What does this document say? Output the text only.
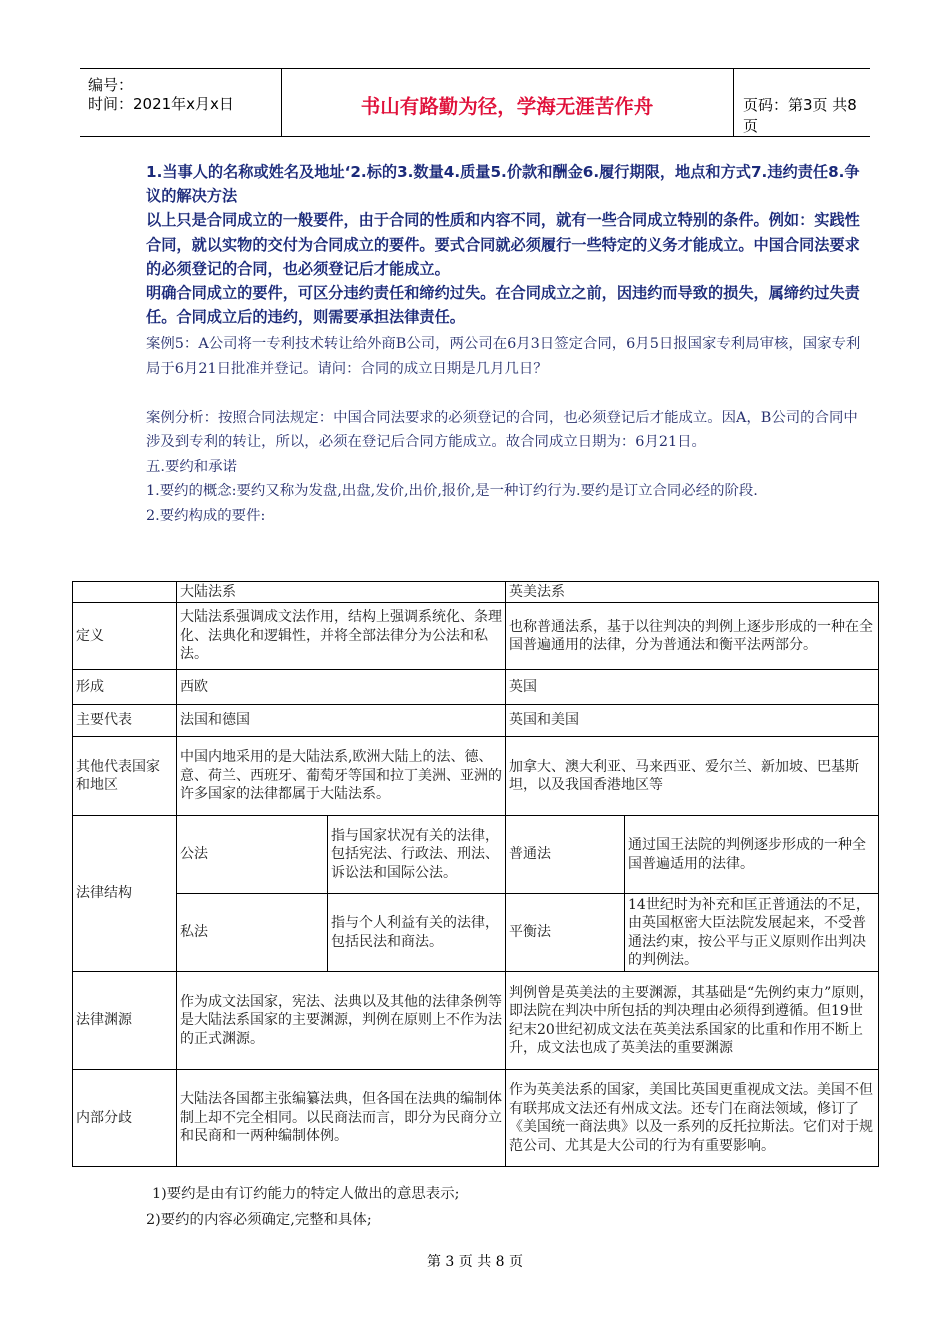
编号：
时间：2021年x月x日	书山有路勤为径，学海无涯苦作舟	页码：第3页 共8页

1.当事人的名称或姓名及地址‘2.标的3.数量4.质量5.价款和酬金6.履行期限，地点和方式7.违约责任8.争议的解决方法

以上只是合同成立的一般要件，由于合同的性质和内容不同，就有一些合同成立特别的条件。例如：实践性合同，就以实物的交付为合同成立的要件。要式合同就必须履行一些特定的义务才能成立。中国合同法要求的必须登记的合同，也必须登记后才能成立。

明确合同成立的要件，可区分违约责任和缔约过失。在合同成立之前，因违约而导致的损失，属缔约过失责任。合同成立后的违约，则需要承担法律责任。

案例5：A公司将一专利技术转让给外商B公司，两公司在6月3日签定合同，6月5日报国家专利局审核，国家专利局于6月21日批准并登记。请问：合同的成立日期是几月几日？

案例分析：按照合同法规定：中国合同法要求的必须登记的合同，也必须登记后才能成立。因A，B公司的合同中涉及到专利的转让，所以，必须在登记后合同方能成立。故合同成立日期为：6月21日。

五.要约和承诺

1.要约的概念:要约又称为发盘,出盘,发价,出价,报价,是一种订约行为.要约是订立合同必经的阶段.

2.要约构成的要件:

	大陆法系		英美法系	
定义	大陆法系强调成文法作用，结构上强调系统化、条理化、法典化和逻辑性，并将全部法律分为公法和私法。		也称普通法系，基于以往判决的判例上逐步形成的一种在全国普遍通用的法律，分为普通法和衡平法两部分。	
形成	西欧		英国	
主要代表	法国和德国		英国和美国	
其他代表国家和地区	中国内地采用的是大陆法系,欧洲大陆上的法、德、意、荷兰、西班牙、葡萄牙等国和拉丁美洲、亚洲的许多国家的法律都属于大陆法系。		加拿大、澳大利亚、马来西亚、爱尔兰、新加坡、巴基斯坦，以及我国香港地区等	
法律结构	公法	指与国家状况有关的法律，包括宪法、行政法、刑法、诉讼法和国际公法。	普通法	通过国王法院的判例逐步形成的一种全国普遍适用的法律。
	私法	指与个人利益有关的法律，包括民法和商法。	平衡法	14世纪时为补充和匡正普通法的不足，由英国枢密大臣法院发展起来，不受普通法约束，按公平与正义原则作出判决的判例法。
法律渊源	作为成文法国家，宪法、法典以及其他的法律条例等是大陆法系国家的主要渊源，判例在原则上不作为法的正式渊源。		判例曾是英美法的主要渊源，其基础是“先例约束力”原则，即法院在判决中所包括的判决理由必须得到遵循。但19世纪末20世纪初成文法在英美法系国家的比重和作用不断上升，成文法也成了英美法的重要渊源	
内部分歧	大陆法各国都主张编纂法典，但各国在法典的编制体制上却不完全相同。以民商法而言，即分为民商分立和民商和一两种编制体例。		作为英美法系的国家，美国比英国更重视成文法。美国不但有联邦成文法还有州成文法。还专门在商法领域，修订了《美国统一商法典》以及一系列的反托拉斯法。它们对于规范公司、尤其是大公司的行为有重要影响。	
1)要约是由有订约能力的特定人做出的意思表示;
2)要约的内容必须确定,完整和具体;
第 3 页 共 8 页
